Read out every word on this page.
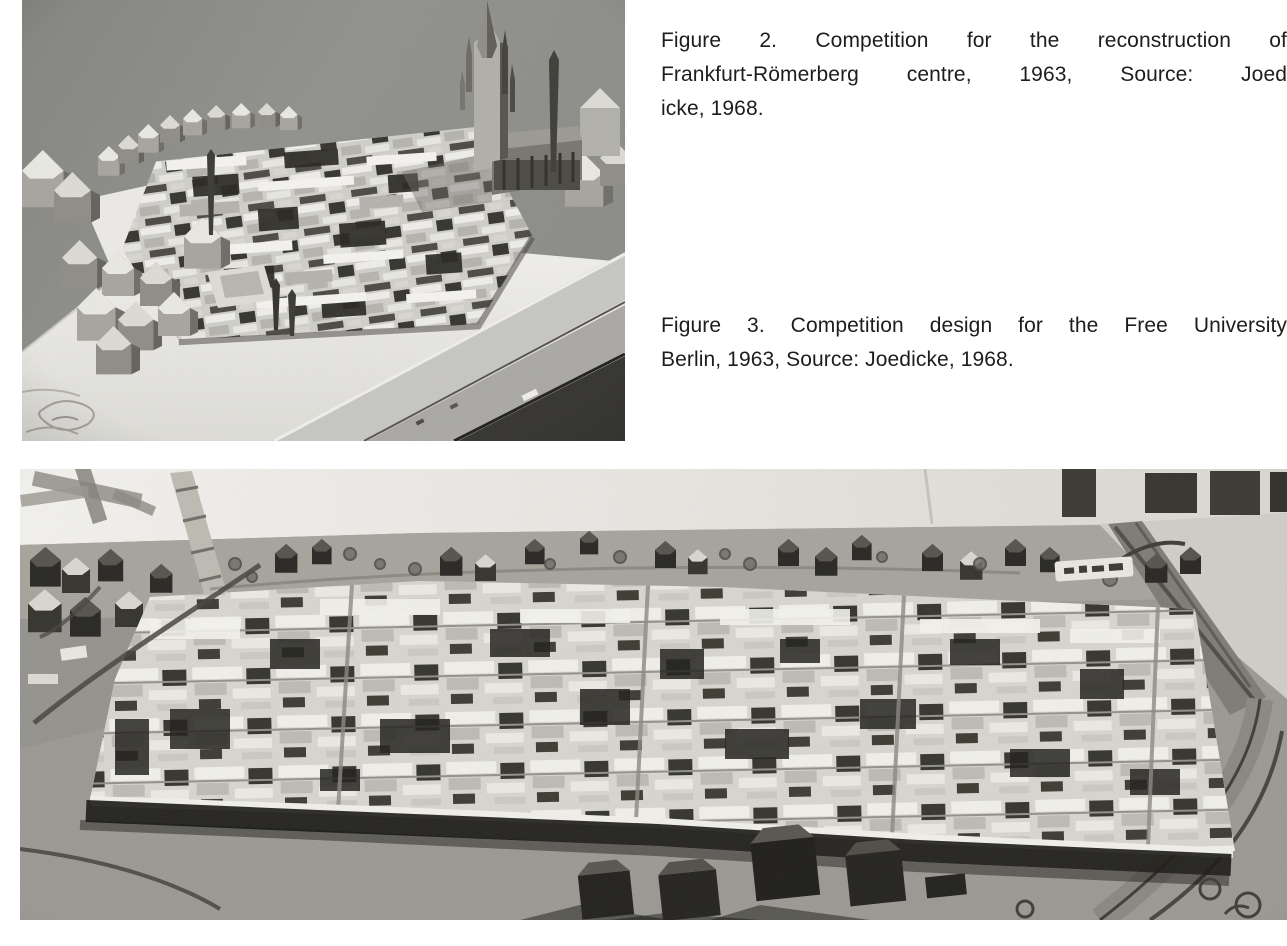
Figure 2. Competition for the reconstruction of
Frankfurt-Römerberg centre, 1963, Source: Joed
icke, 1968.
Figure 3. Competition design for the Free University
Berlin, 1963, Source: Joedicke, 1968.
